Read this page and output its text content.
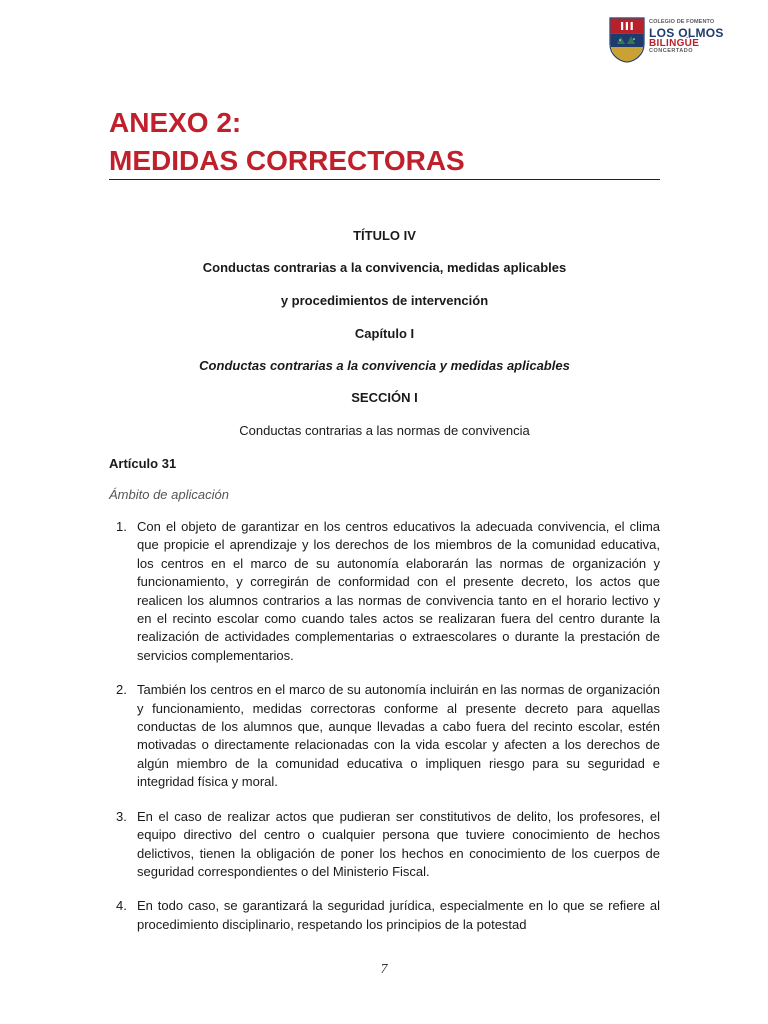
COLEGIO DE FOMENTO
LOS OLMOS
BILINGÜE
CONCERTADO
ANEXO 2:
MEDIDAS CORRECTORAS
TÍTULO IV
Conductas contrarias a la convivencia, medidas aplicables
y procedimientos de intervención
Capítulo I
Conductas contrarias a la convivencia y medidas aplicables
SECCIÓN I
Conductas contrarias a las normas de convivencia
Artículo 31
Ámbito de aplicación
1. Con el objeto de garantizar en los centros educativos la adecuada convivencia, el clima que propicie el aprendizaje y los derechos de los miembros de la comunidad educativa, los centros en el marco de su autonomía elaborarán las normas de organización y funcionamiento, y corregirán de conformidad con el presente decreto, los actos que realicen los alumnos contrarios a las normas de convivencia tanto en el horario lectivo y en el recinto escolar como cuando tales actos se realizaran fuera del centro durante la realización de actividades complementarias o extraescolares o durante la prestación de servicios complementarios.
2. También los centros en el marco de su autonomía incluirán en las normas de organización y funcionamiento, medidas correctoras conforme al presente decreto para aquellas conductas de los alumnos que, aunque llevadas a cabo fuera del recinto escolar, estén motivadas o directamente relacionadas con la vida escolar y afecten a los derechos de algún miembro de la comunidad educativa o impliquen riesgo para su seguridad e integridad física y moral.
3. En el caso de realizar actos que pudieran ser constitutivos de delito, los profesores, el equipo directivo del centro o cualquier persona que tuviere conocimiento de hechos delictivos, tienen la obligación de poner los hechos en conocimiento de los cuerpos de seguridad correspondientes o del Ministerio Fiscal.
4. En todo caso, se garantizará la seguridad jurídica, especialmente en lo que se refiere al procedimiento disciplinario, respetando los principios de la potestad
7
